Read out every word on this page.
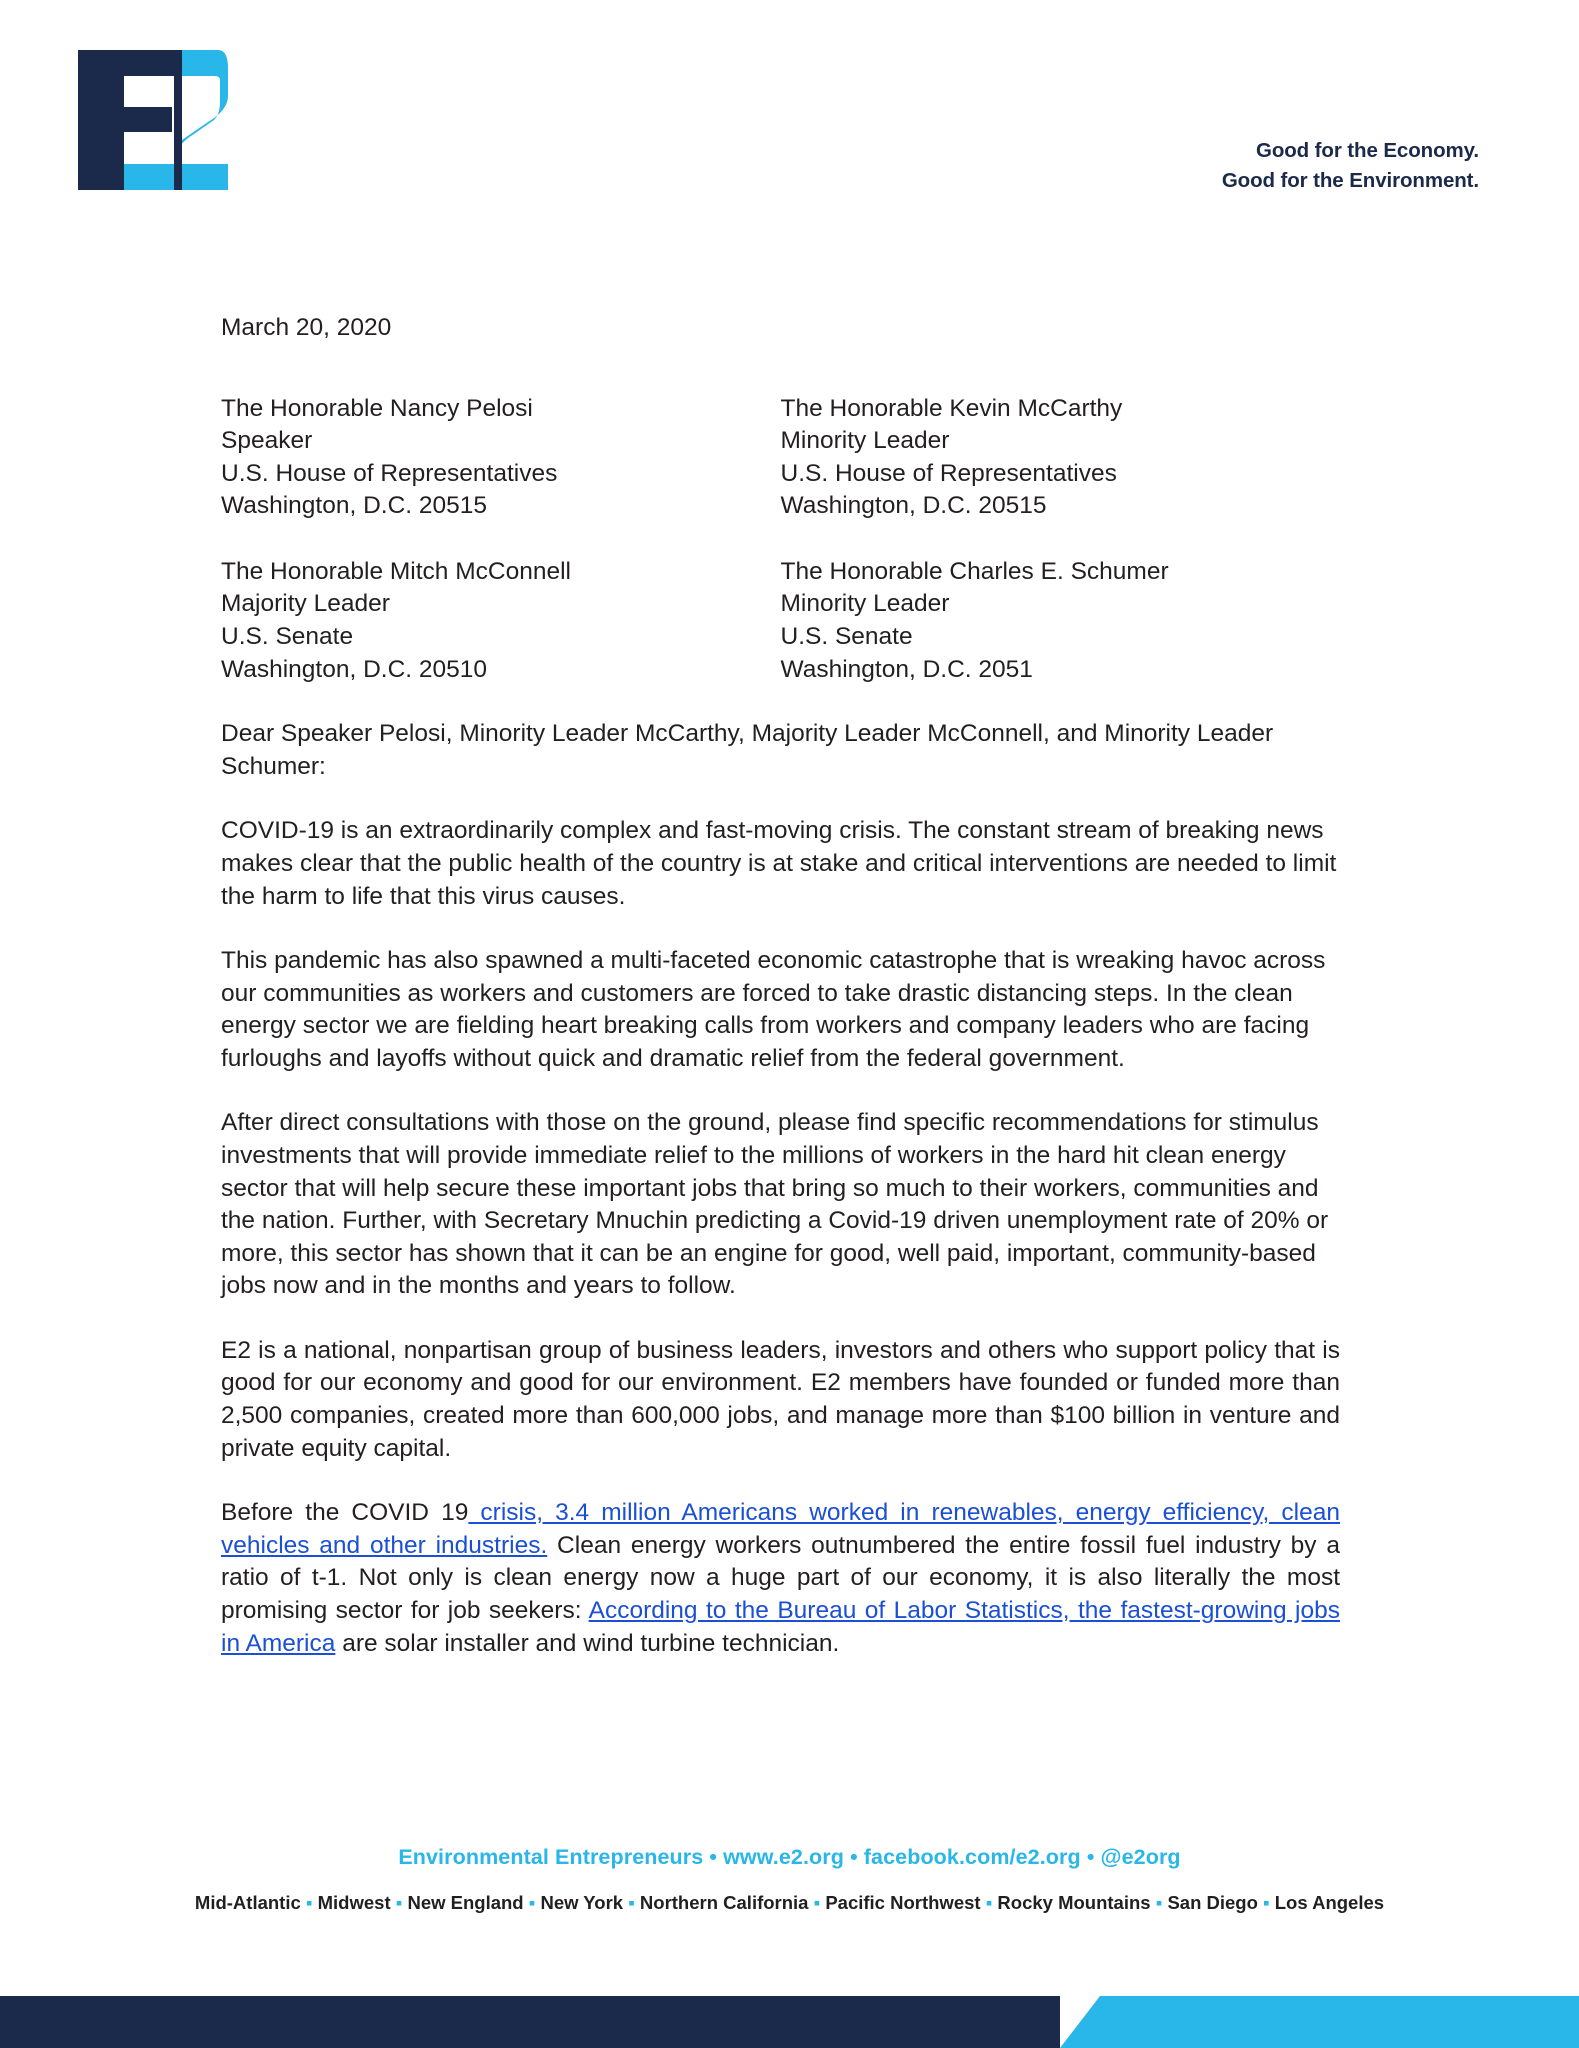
Good for the Economy.
Good for the Environment.
March 20, 2020
The Honorable Nancy Pelosi
Speaker
U.S. House of Representatives
Washington, D.C. 20515
The Honorable Kevin McCarthy
Minority Leader
U.S. House of Representatives
Washington, D.C. 20515
The Honorable Mitch McConnell
Majority Leader
U.S. Senate
Washington, D.C. 20510
The Honorable Charles E. Schumer
Minority Leader
U.S. Senate
Washington, D.C. 2051

Dear Speaker Pelosi, Minority Leader McCarthy, Majority Leader McConnell, and Minority Leader Schumer:

COVID-19 is an extraordinarily complex and fast-moving crisis. The constant stream of breaking news makes clear that the public health of the country is at stake and critical interventions are needed to limit the harm to life that this virus causes.

This pandemic has also spawned a multi-faceted economic catastrophe that is wreaking havoc across our communities as workers and customers are forced to take drastic distancing steps. In the clean energy sector we are fielding heart breaking calls from workers and company leaders who are facing furloughs and layoffs without quick and dramatic relief from the federal government.

After direct consultations with those on the ground, please find specific recommendations for stimulus investments that will provide immediate relief to the millions of workers in the hard hit clean energy sector that will help secure these important jobs that bring so much to their workers, communities and the nation. Further, with Secretary Mnuchin predicting a Covid-19 driven unemployment rate of 20% or more, this sector has shown that it can be an engine for good, well paid, important, community-based jobs now and in the months and years to follow.

E2 is a national, nonpartisan group of business leaders, investors and others who support policy that is good for our economy and good for our environment. E2 members have founded or funded more than 2,500 companies, created more than 600,000 jobs, and manage more than $100 billion in venture and private equity capital.

Before the COVID 19 crisis, 3.4 million Americans worked in renewables, energy efficiency, clean vehicles and other industries. Clean energy workers outnumbered the entire fossil fuel industry by a ratio of t-1. Not only is clean energy now a huge part of our economy, it is also literally the most promising sector for job seekers: According to the Bureau of Labor Statistics, the fastest-growing jobs in America are solar installer and wind turbine technician.

Environmental Entrepreneurs • www.e2.org • facebook.com/e2.org • @e2org
Mid-Atlantic ▪ Midwest ▪ New England ▪ New York ▪ Northern California ▪ Pacific Northwest ▪ Rocky Mountains ▪ San Diego ▪ Los Angeles
